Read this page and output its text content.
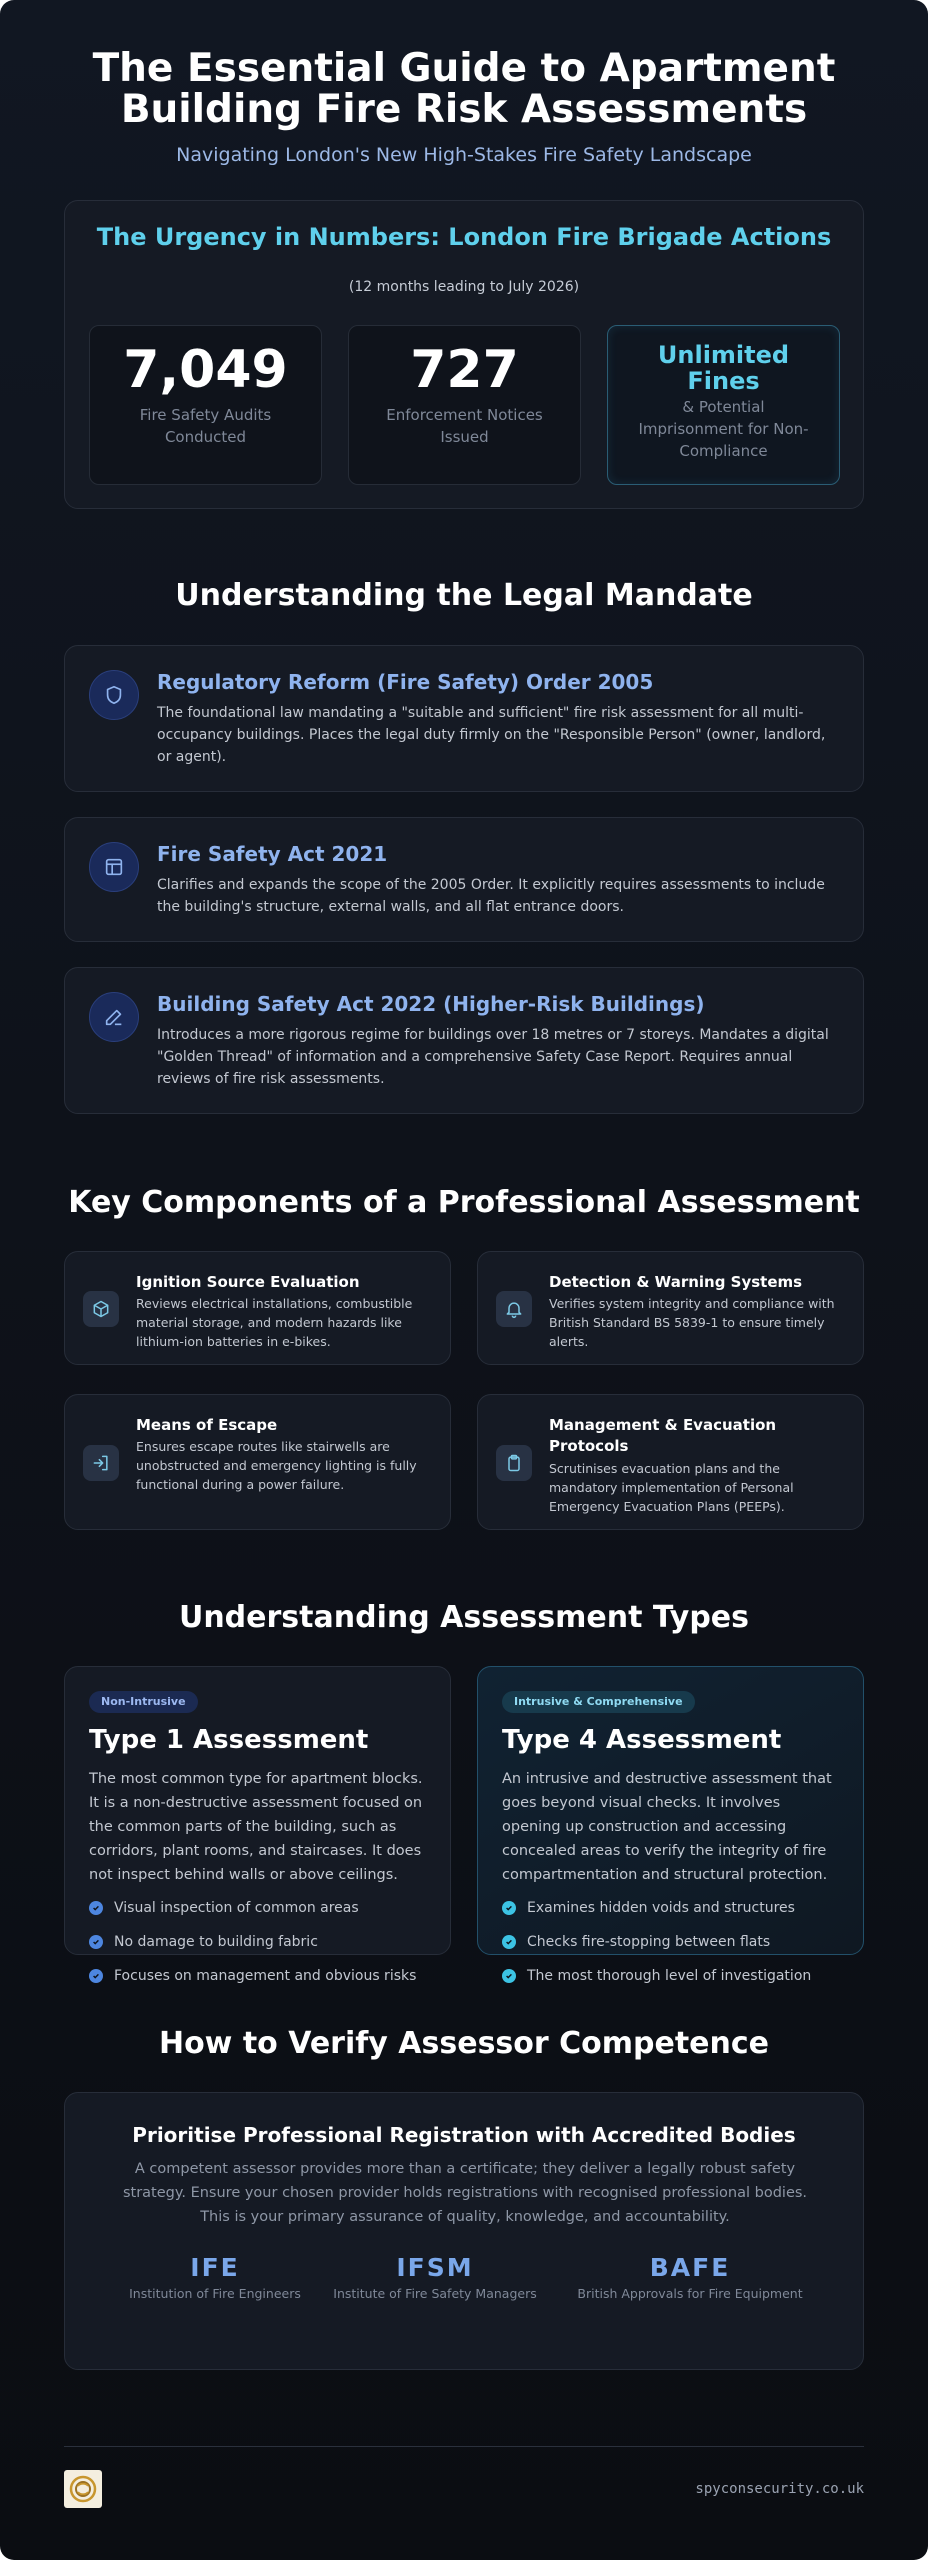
The Essential Guide to Apartment Building Fire Risk Assessments
Navigating London's New High-Stakes Fire Safety Landscape
The Urgency in Numbers: London Fire Brigade Actions
(12 months leading to July 2026)
7,049
Fire Safety Audits Conducted
727
Enforcement Notices Issued
Unlimited Fines
& Potential Imprisonment for Non-Compliance
Understanding the Legal Mandate
Regulatory Reform (Fire Safety) Order 2005
The foundational law mandating a "suitable and sufficient" fire risk assessment for all multi-occupancy buildings. Places the legal duty firmly on the "Responsible Person" (owner, landlord, or agent).
Fire Safety Act 2021
Clarifies and expands the scope of the 2005 Order. It explicitly requires assessments to include the building's structure, external walls, and all flat entrance doors.
Building Safety Act 2022 (Higher-Risk Buildings)
Introduces a more rigorous regime for buildings over 18 metres or 7 storeys. Mandates a digital "Golden Thread" of information and a comprehensive Safety Case Report. Requires annual reviews of fire risk assessments.
Key Components of a Professional Assessment
Ignition Source Evaluation
Reviews electrical installations, combustible material storage, and modern hazards like lithium-ion batteries in e-bikes.
Detection & Warning Systems
Verifies system integrity and compliance with British Standard BS 5839-1 to ensure timely alerts.
Means of Escape
Ensures escape routes like stairwells are unobstructed and emergency lighting is fully functional during a power failure.
Management & Evacuation Protocols
Scrutinises evacuation plans and the mandatory implementation of Personal Emergency Evacuation Plans (PEEPs).
Understanding Assessment Types
Non-Intrusive
Type 1 Assessment
The most common type for apartment blocks. It is a non-destructive assessment focused on the common parts of the building, such as corridors, plant rooms, and staircases. It does not inspect behind walls or above ceilings.
Visual inspection of common areas
No damage to building fabric
Focuses on management and obvious risks
Intrusive & Comprehensive
Type 4 Assessment
An intrusive and destructive assessment that goes beyond visual checks. It involves opening up construction and accessing concealed areas to verify the integrity of fire compartmentation and structural protection.
Examines hidden voids and structures
Checks fire-stopping between flats
The most thorough level of investigation
How to Verify Assessor Competence
Prioritise Professional Registration with Accredited Bodies
A competent assessor provides more than a certificate; they deliver a legally robust safety strategy. Ensure your chosen provider holds registrations with recognised professional bodies. This is your primary assurance of quality, knowledge, and accountability.
IFE
Institution of Fire Engineers
IFSM
Institute of Fire Safety Managers
BAFE
British Approvals for Fire Equipment
spyconsecurity.co.uk
